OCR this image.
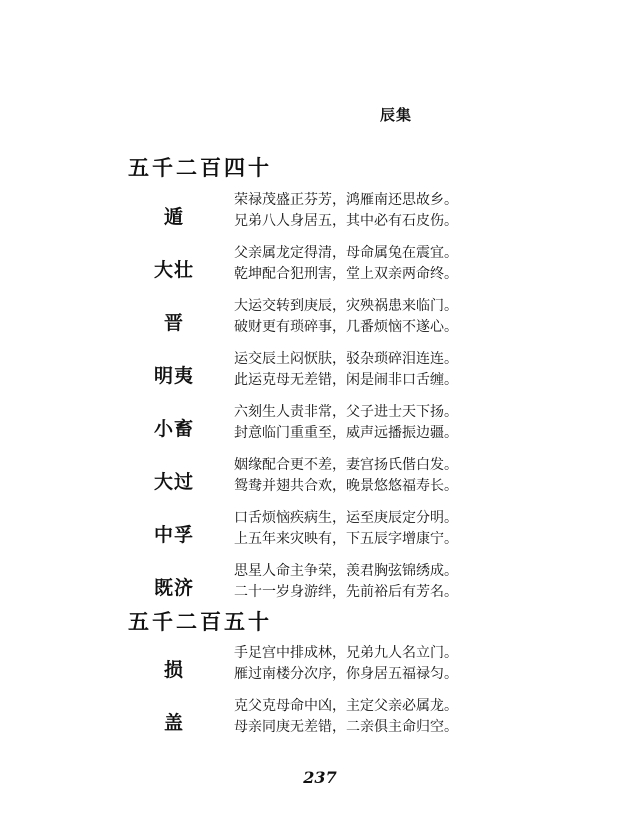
辰集
五千二百四十
遁
荣禄茂盛正芬芳，鸿雁南还思故乡。
兄弟八人身居五，其中必有石皮伤。
大壮
父亲属龙定得清，母命属兔在震宜。
乾坤配合犯刑害，堂上双亲两命终。
晋
大运交转到庚辰，灾殃祸患来临门。
破财更有琐碎事，几番烦恼不遂心。
明夷
运交辰土闷恹肤，驳杂琐碎泪连连。
此运克母无差错，闲是闹非口舌缠。
小畜
六刻生人责非常，父子进士天下扬。
封意临门重重至，威声远播振边疆。
大过
姻缘配合更不差，妻宫扬氏偕白发。
鸳鸯并翅共合欢，晚景悠悠福寿长。
中孚
口舌烦恼疾病生，运至庚辰定分明。
上五年来灾映有，下五辰字增康宁。
既济
思星人命主争荣，羡君胸弦锦绣成。
二十一岁身游绊，先前裕后有芳名。
五千二百五十
损
手足宫中排成林，兄弟九人名立门。
雁过南楼分次序，你身居五福禄匀。
盖
克父克母命中凶，主定父亲必属龙。
母亲同庚无差错，二亲俱主命归空。
237
